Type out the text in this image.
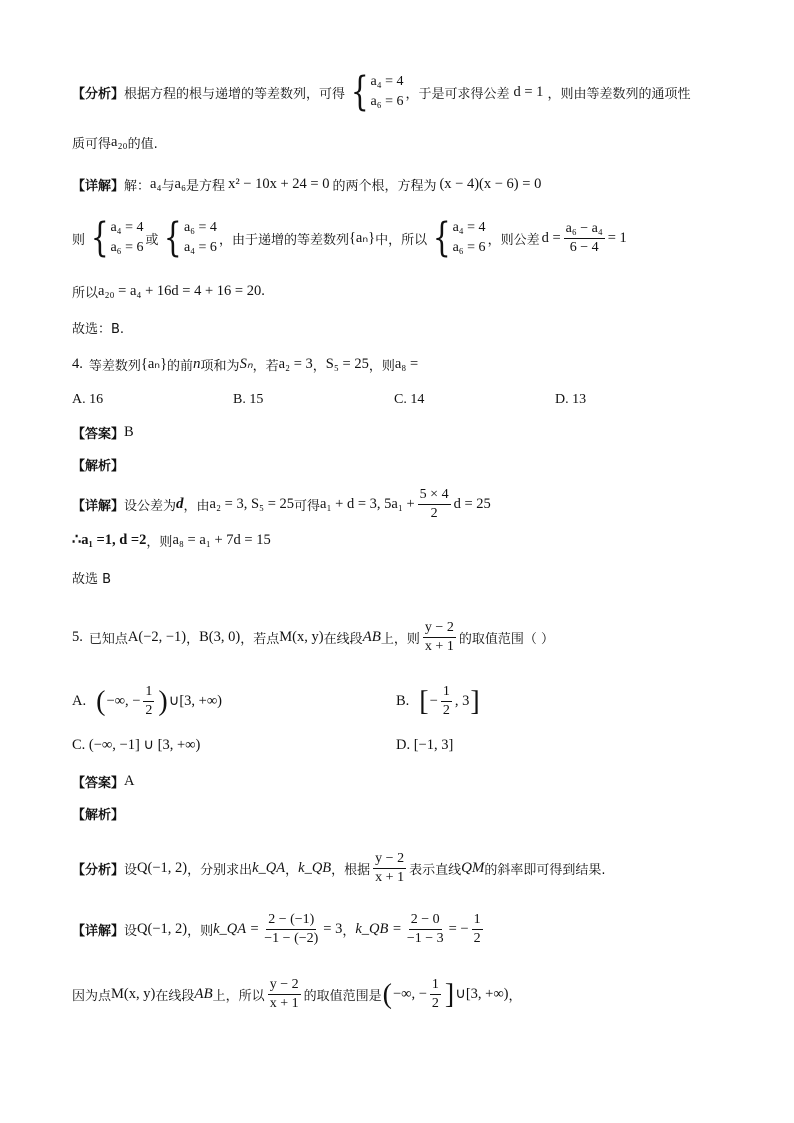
【分析】 根据方程的根与递增的等差数列，可得 { a₄ = 4
a₆ = 6 ，于是可求得公差 d = 1 ，则由等差数列的通项性
质可得 a₂₀ 的值.
【详解】 解： a₄ 与 a₆ 是方程 x² − 10x + 24 = 0 的两个根，方程为 (x − 4)(x − 6) = 0
则 { a₄ = 4
a₆ = 6 或 { a₆ = 4
a₄ = 6 ，由于递增的等差数列 {aₙ} 中，所以 { a₄ = 4
a₆ = 6 ，则公差 $d = \frac{\text{a₆ − a₄}}{6 - 4} = 1$
所以 a₂₀ = a₄ + 16d = 4 + 16 = 20 .
故选：B.
4. 等差数列 {aₙ} 的前 n 项和为 Sₙ ，若 a₂ = 3 ， S₅ = 25 ，则 a₈ =
A. 16	B. 15	C. 14	D. 13
【答案】 B
【解析】
【详解】 设公差为 d ，由 a₂ = 3, S₅ = 25 可得 a₁ + d = 3, $5a_1 + \frac{5 \times 4}{2}$ d = 25
∴a₁ =1, d =2 ，则 a₈ = a₁ + 7d = 15
故选 B
5. 已知点 A(−2, −1) ， B(3, 0) ，若点 M(x, y) 在线段 AB 上，则 $\frac{y - 2}{x + 1}$ 的取值范围（ ）
A. ( −∞, − $\frac{1}{2}$ ) ∪ [3, +∞)	B. [ − $\frac{1}{2}$ , 3 ]
C. (−∞, −1] ∪ [3, +∞)	D. [−1, 3]
【答案】 A
【解析】
【分析】 设 Q(−1, 2) ，分别求出 k_QA ， k_QB ，根据 $\frac{y - 2}{x + 1}$ 表示直线 QM 的斜率即可得到结果.
【详解】 设 Q(−1, 2) ，则 k_QA = $\frac{2 - (-1)}{-1 - (-2)} = 3$ ， k_QB = $\frac{2 - 0}{-1 - 3}$ = − $\frac{1}{2}$
因为点 M(x, y) 在线段 AB 上，所以 $\frac{y - 2}{x + 1}$ 的取值范围是 ( −∞, − $\frac{1}{2}$ ] ∪ [3, +∞) ，
